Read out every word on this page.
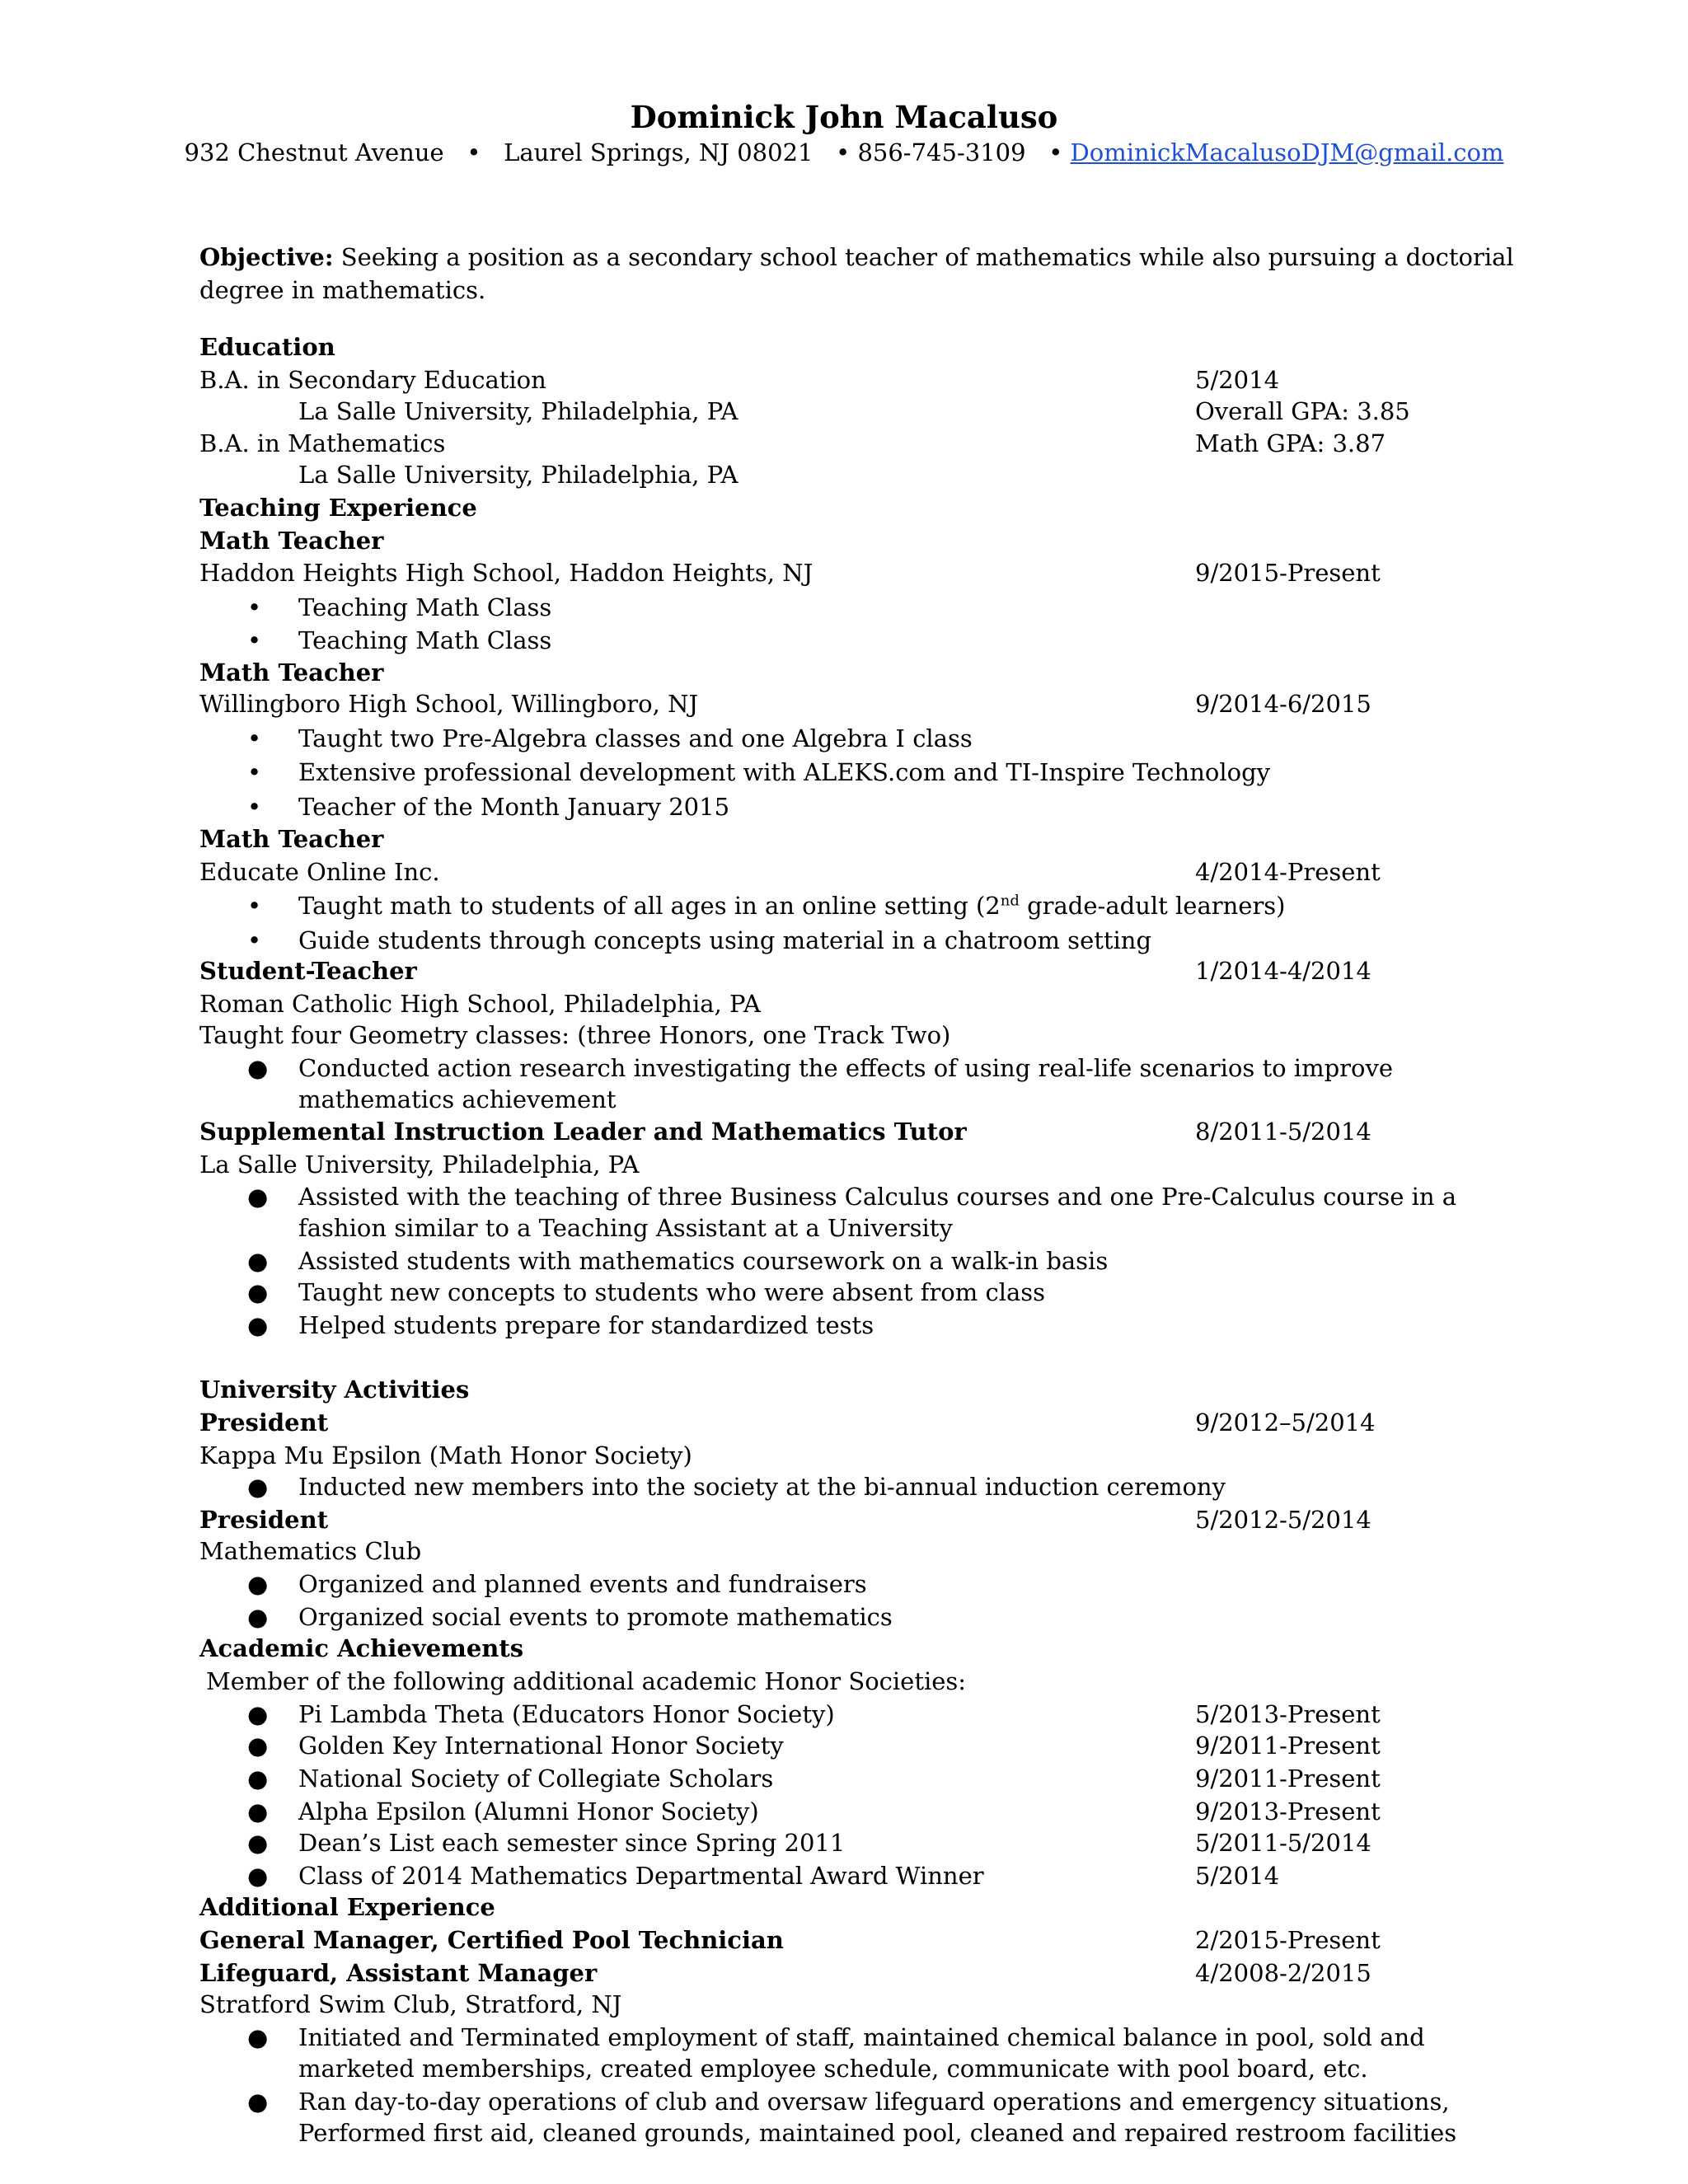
Dominick John Macaluso
932 Chestnut Avenue • Laurel Springs, NJ 08021 • 856-745-3109 • DominickMacalusoDJM@gmail.com
Objective: Seeking a position as a secondary school teacher of mathematics while also pursuing a doctorial
degree in mathematics.
Education
B.A. in Secondary Education	5/2014
La Salle University, Philadelphia, PA	Overall GPA: 3.85
B.A. in Mathematics	Math GPA: 3.87
La Salle University, Philadelphia, PA
Teaching Experience
Math Teacher
Haddon Heights High School, Haddon Heights, NJ	9/2015-Present
• Teaching Math Class
• Teaching Math Class
Math Teacher
Willingboro High School, Willingboro, NJ	9/2014-6/2015
• Taught two Pre-Algebra classes and one Algebra I class
• Extensive professional development with ALEKS.com and TI-Inspire Technology
• Teacher of the Month January 2015
Math Teacher
Educate Online Inc.	4/2014-Present
• Taught math to students of all ages in an online setting (2nd grade-adult learners)
• Guide students through concepts using material in a chatroom setting
Student-Teacher	1/2014-4/2014
Roman Catholic High School, Philadelphia, PA
Taught four Geometry classes: (three Honors, one Track Two)
● Conducted action research investigating the effects of using real-life scenarios to improve
mathematics achievement
Supplemental Instruction Leader and Mathematics Tutor	8/2011-5/2014
La Salle University, Philadelphia, PA
● Assisted with the teaching of three Business Calculus courses and one Pre-Calculus course in a
fashion similar to a Teaching Assistant at a University
● Assisted students with mathematics coursework on a walk-in basis
● Taught new concepts to students who were absent from class
● Helped students prepare for standardized tests
University Activities
President	9/2012–5/2014
Kappa Mu Epsilon (Math Honor Society)
● Inducted new members into the society at the bi-annual induction ceremony
President	5/2012-5/2014
Mathematics Club
● Organized and planned events and fundraisers
● Organized social events to promote mathematics
Academic Achievements
Member of the following additional academic Honor Societies:
● Pi Lambda Theta (Educators Honor Society)	5/2013-Present
● Golden Key International Honor Society	9/2011-Present
● National Society of Collegiate Scholars	9/2011-Present
● Alpha Epsilon (Alumni Honor Society)	9/2013-Present
● Dean’s List each semester since Spring 2011	5/2011-5/2014
● Class of 2014 Mathematics Departmental Award Winner	5/2014
Additional Experience
General Manager, Certified Pool Technician	2/2015-Present
Lifeguard, Assistant Manager	4/2008-2/2015
Stratford Swim Club, Stratford, NJ
● Initiated and Terminated employment of staff, maintained chemical balance in pool, sold and
marketed memberships, created employee schedule, communicate with pool board, etc.
● Ran day-to-day operations of club and oversaw lifeguard operations and emergency situations,
Performed first aid, cleaned grounds, maintained pool, cleaned and repaired restroom facilities
